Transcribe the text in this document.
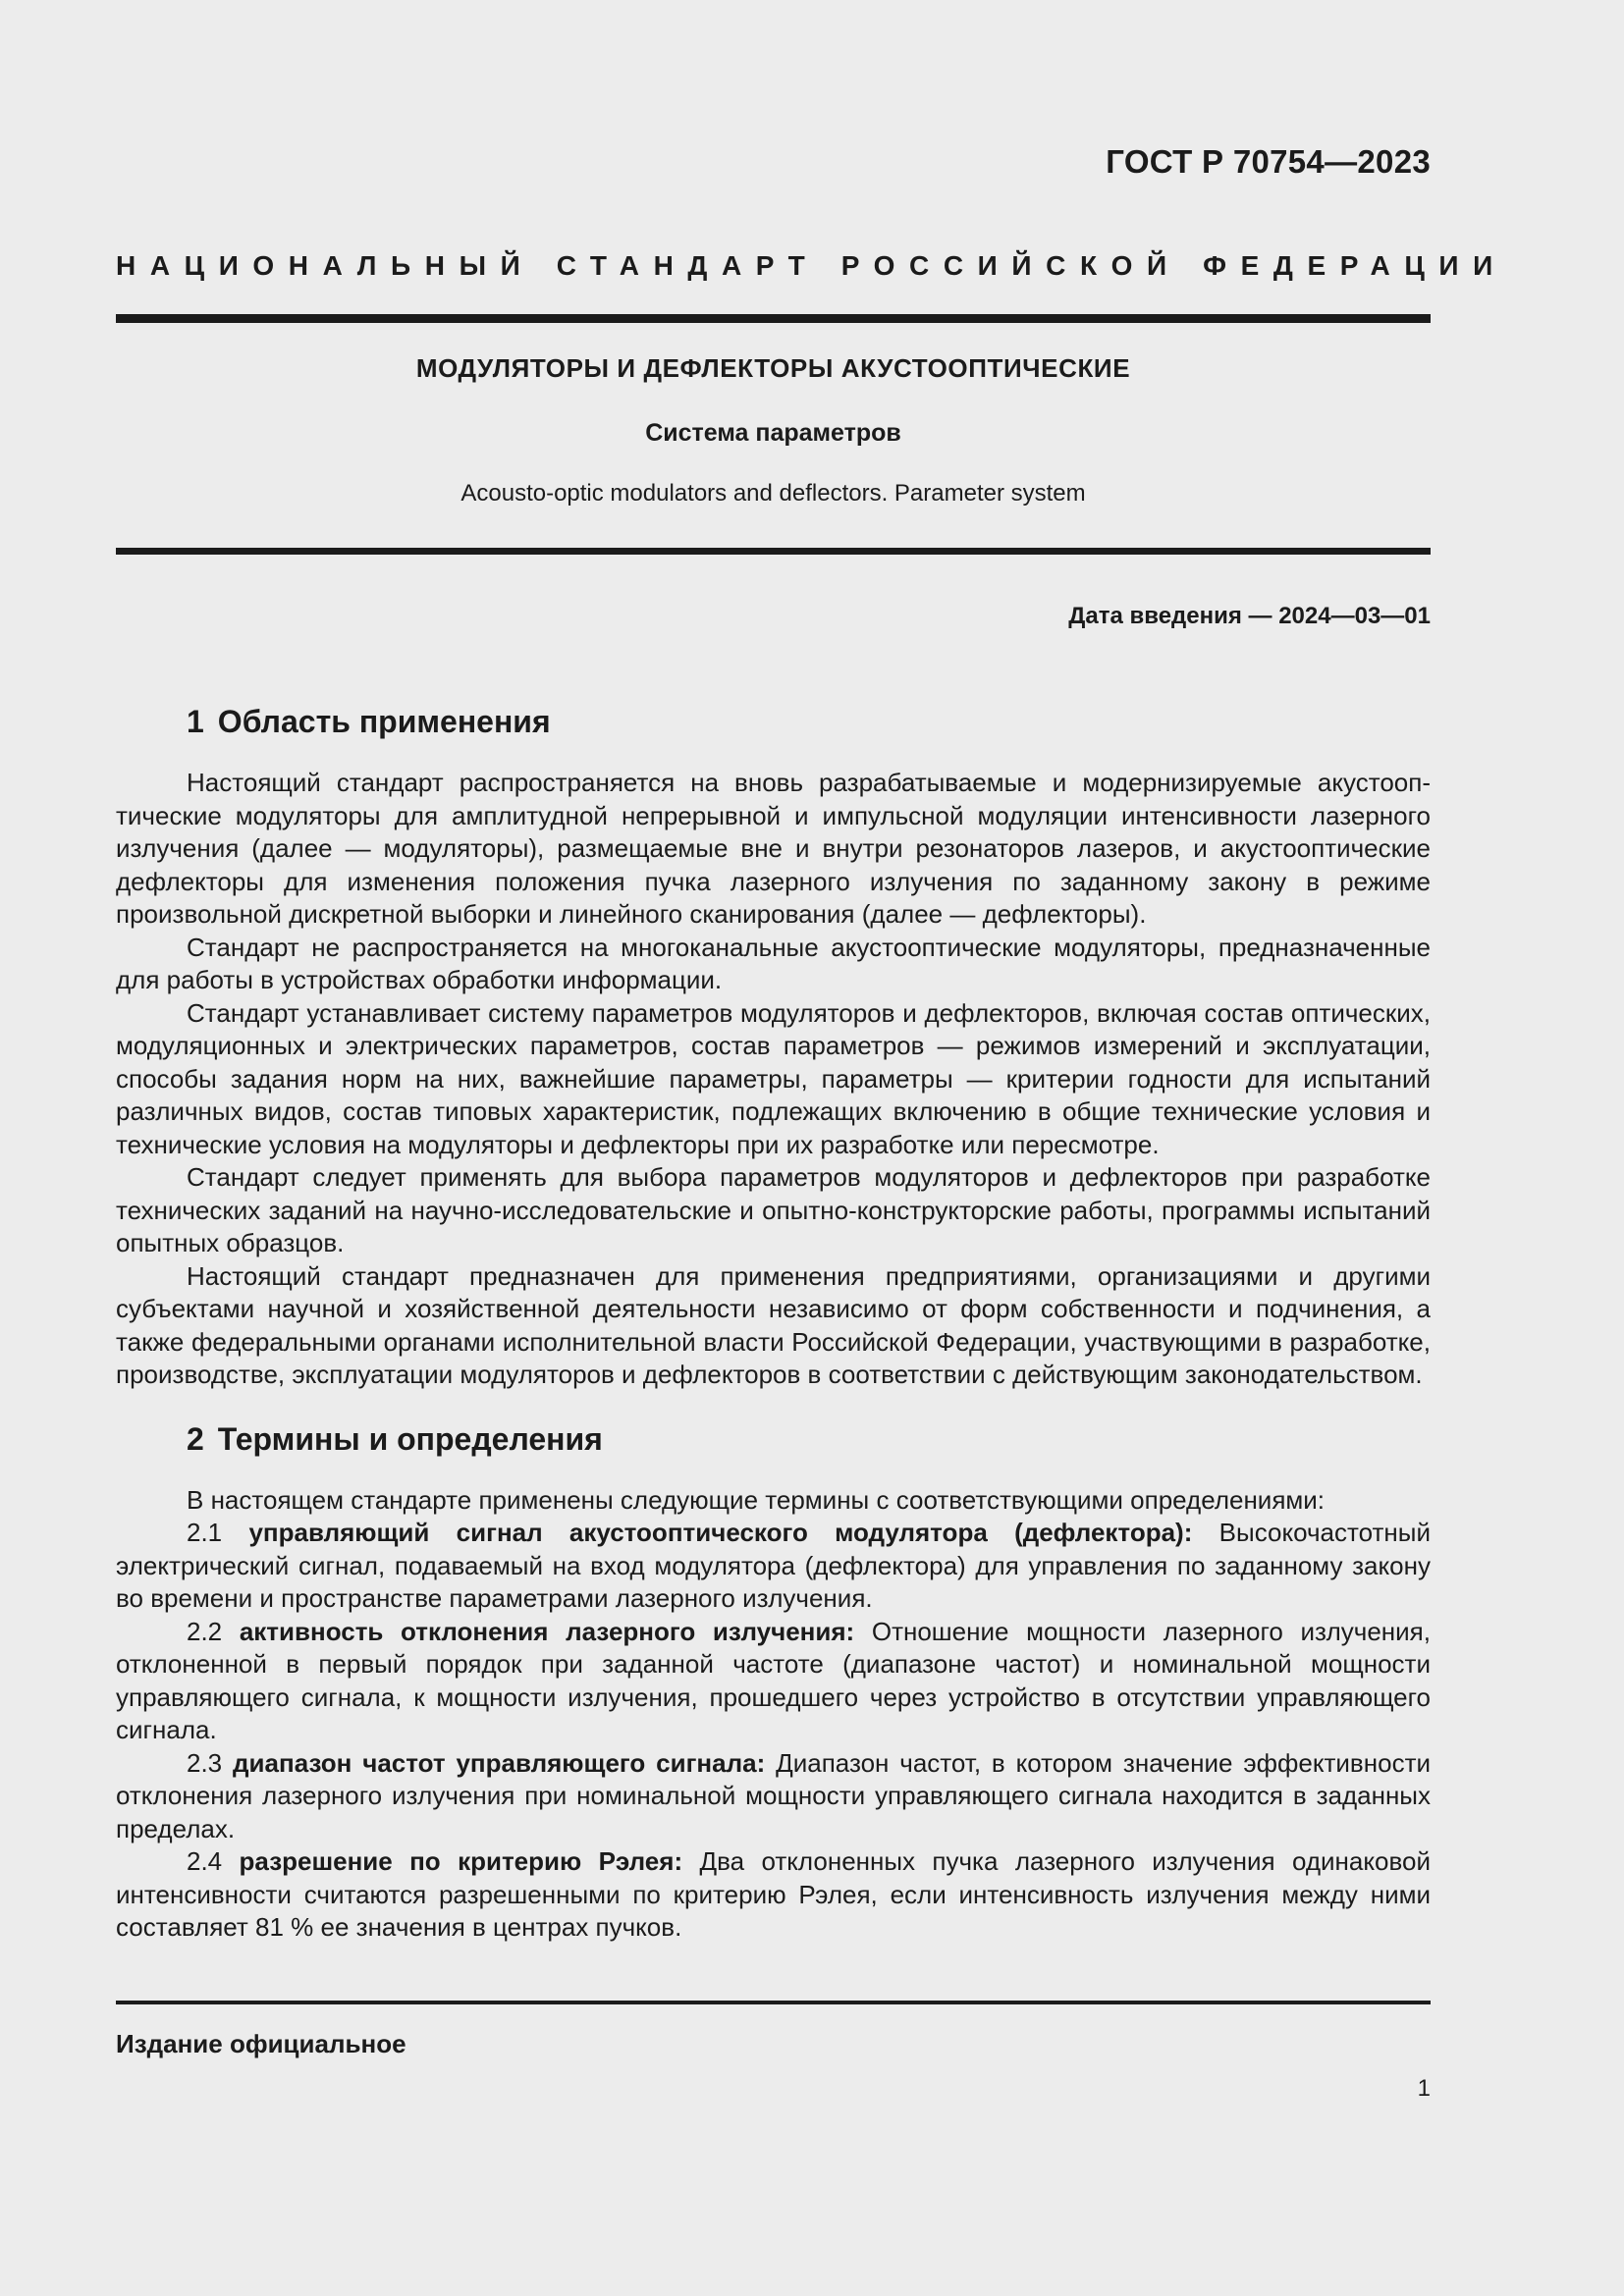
ГОСТ Р 70754—2023
НАЦИОНАЛЬНЫЙ СТАНДАРТ РОССИЙСКОЙ ФЕДЕРАЦИИ
МОДУЛЯТОРЫ И ДЕФЛЕКТОРЫ АКУСТООПТИЧЕСКИЕ
Система параметров
Acousto-optic modulators and deflectors. Parameter system
Дата введения — 2024—03—01
1 Область применения

Настоящий стандарт распространяется на вновь разрабатываемые и модернизируемые акустооптические модуляторы для амплитудной непрерывной и импульсной модуляции интенсивности лазерного излучения (далее — модуляторы), размещаемые вне и внутри резонаторов лазеров, и акустооптические дефлекторы для изменения положения пучка лазерного излучения по заданному закону в режиме произвольной дискретной выборки и линейного сканирования (далее — дефлекторы).

Стандарт не распространяется на многоканальные акустооптические модуляторы, предназначенные для работы в устройствах обработки информации.

Стандарт устанавливает систему параметров модуляторов и дефлекторов, включая состав оптических, модуляционных и электрических параметров, состав параметров — режимов измерений и эксплуатации, способы задания норм на них, важнейшие параметры, параметры — критерии годности для испытаний различных видов, состав типовых характеристик, подлежащих включению в общие технические условия и технические условия на модуляторы и дефлекторы при их разработке или пересмотре.

Стандарт следует применять для выбора параметров модуляторов и дефлекторов при разработке технических заданий на научно-исследовательские и опытно-конструкторские работы, программы испытаний опытных образцов.

Настоящий стандарт предназначен для применения предприятиями, организациями и другими субъектами научной и хозяйственной деятельности независимо от форм собственности и подчинения, а также федеральными органами исполнительной власти Российской Федерации, участвующими в разработке, производстве, эксплуатации модуляторов и дефлекторов в соответствии с действующим законодательством.

2 Термины и определения

В настоящем стандарте применены следующие термины с соответствующими определениями:

2.1 управляющий сигнал акустооптического модулятора (дефлектора): Высокочастотный электрический сигнал, подаваемый на вход модулятора (дефлектора) для управления по заданному закону во времени и пространстве параметрами лазерного излучения.

2.2 активность отклонения лазерного излучения: Отношение мощности лазерного излучения, отклоненной в первый порядок при заданной частоте (диапазоне частот) и номинальной мощности управляющего сигнала, к мощности излучения, прошедшего через устройство в отсутствии управляющего сигнала.

2.3 диапазон частот управляющего сигнала: Диапазон частот, в котором значение эффективности отклонения лазерного излучения при номинальной мощности управляющего сигнала находится в заданных пределах.

2.4 разрешение по критерию Рэлея: Два отклоненных пучка лазерного излучения одинаковой интенсивности считаются разрешенными по критерию Рэлея, если интенсивность излучения между ними составляет 81 % ее значения в центрах пучков.

Издание официальное
1
